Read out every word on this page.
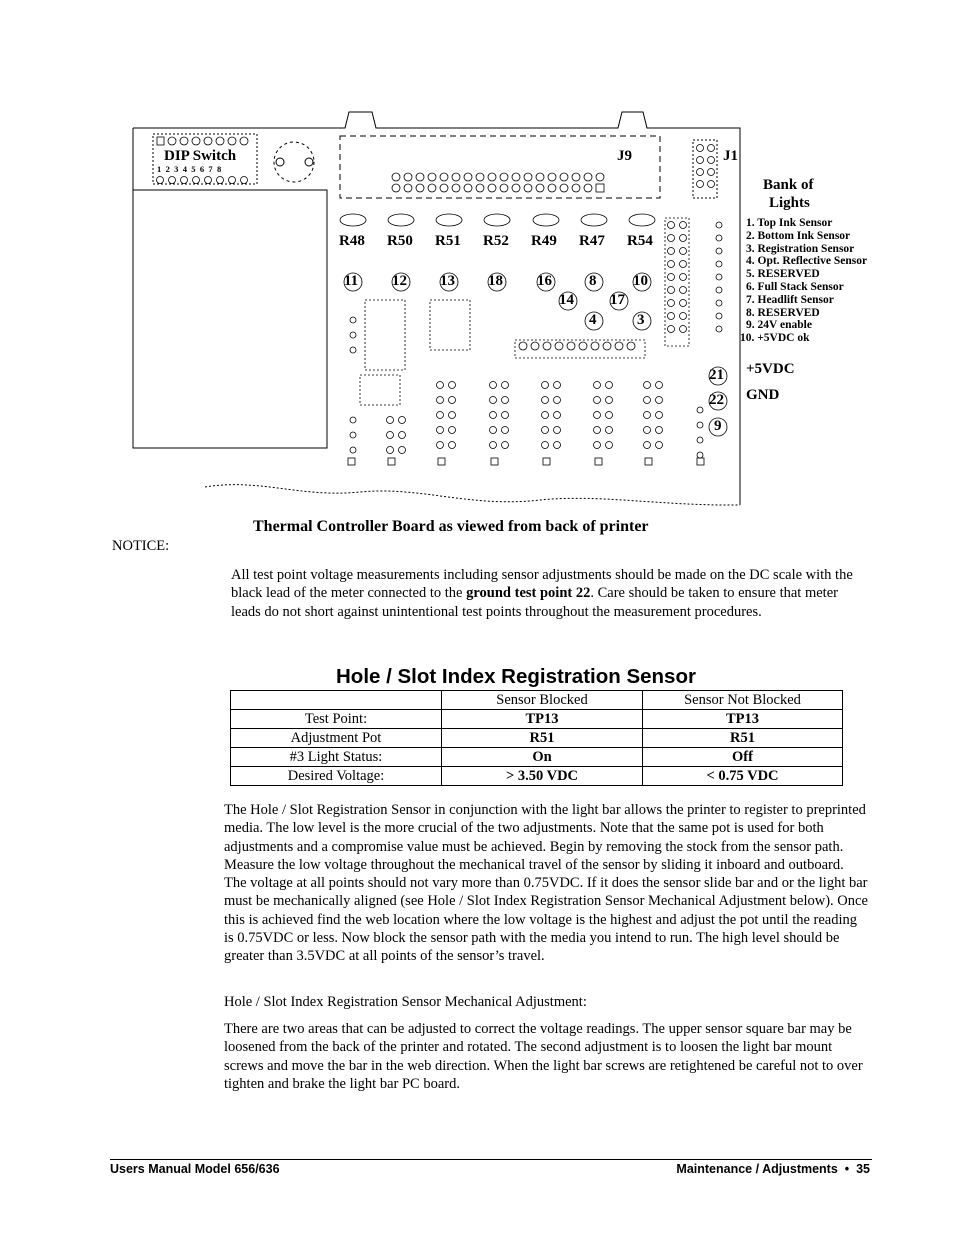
DIP Switch
12345678
J9	J1
Bank of
Lights
R48 R50 R51 R52 R49 R47 R54
11 12 13 18 16 8 10
14 17
4	3
21
22
9
+5VDC
GND
1. Top Ink Sensor
2. Bottom Ink Sensor
3. Registration Sensor
4. Opt. Reflective Sensor
5. RESERVED
6. Full Stack Sensor
7. Headlift Sensor
8. RESERVED
9. 24V enable
10. +5VDC ok
Thermal Controller Board as viewed from back of printer
NOTICE:
All test point voltage measurements including sensor adjustments should be made on the DC scale with the black lead of the meter connected to the ground test point 22. Care should be taken to ensure that meter leads do not short against unintentional test points throughout the measurement procedures.
Hole / Slot Index Registration Sensor
	Sensor Blocked	Sensor Not Blocked
Test Point:	TP13	TP13
Adjustment Pot	R51	R51
#3 Light Status:	On	Off
Desired Voltage:	> 3.50 VDC	< 0.75 VDC
The Hole / Slot Registration Sensor in conjunction with the light bar allows the printer to register to preprinted media. The low level is the more crucial of the two adjustments. Note that the same pot is used for both adjustments and a compromise value must be achieved. Begin by removing the stock from the sensor path. Measure the low voltage throughout the mechanical travel of the sensor by sliding it inboard and outboard. The voltage at all points should not vary more than 0.75VDC. If it does the sensor slide bar and or the light bar must be mechanically aligned (see Hole / Slot Index Registration Sensor Mechanical Adjustment below). Once this is achieved find the web location where the low voltage is the highest and adjust the pot until the reading is 0.75VDC or less. Now block the sensor path with the media you intend to run. The high level should be greater than 3.5VDC at all points of the sensor’s travel.
Hole / Slot Index Registration Sensor Mechanical Adjustment:
There are two areas that can be adjusted to correct the voltage readings. The upper sensor square bar may be loosened from the back of the printer and rotated. The second adjustment is to loosen the light bar mount screws and move the bar in the web direction. When the light bar screws are retightened be careful not to over tighten and brake the light bar PC board.
Users Manual Model 656/636	Maintenance / Adjustments • 35
